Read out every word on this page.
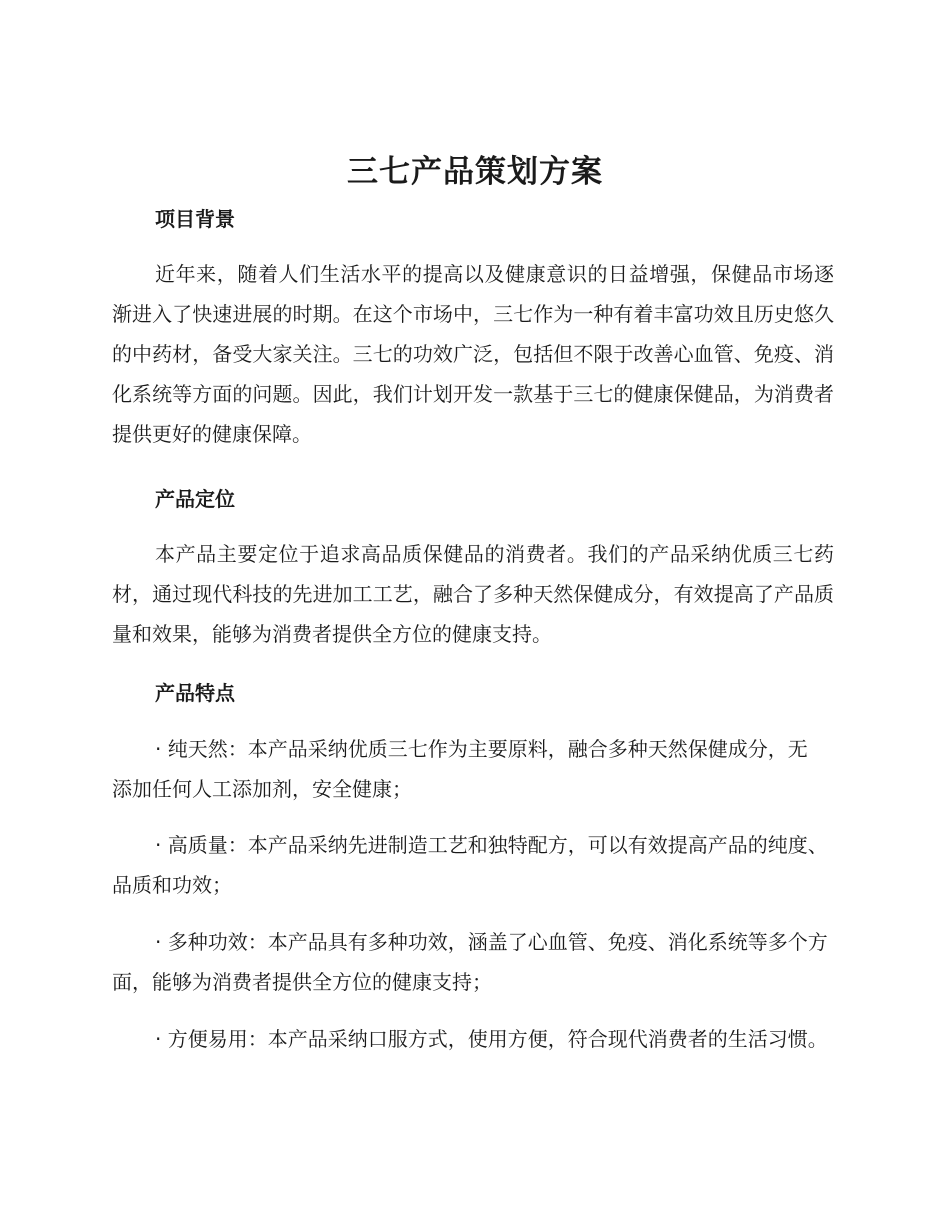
三七产品策划方案
项目背景

近年来，随着人们生活水平的提高以及健康意识的日益增强，保健品市场逐渐进入了快速进展的时期。在这个市场中，三七作为一种有着丰富功效且历史悠久的中药材，备受大家关注。三七的功效广泛，包括但不限于改善心血管、免疫、消化系统等方面的问题。因此，我们计划开发一款基于三七的健康保健品，为消费者提供更好的健康保障。

产品定位

本产品主要定位于追求高品质保健品的消费者。我们的产品采纳优质三七药材，通过现代科技的先进加工工艺，融合了多种天然保健成分，有效提高了产品质量和效果，能够为消费者提供全方位的健康支持。

产品特点

· 纯天然：本产品采纳优质三七作为主要原料，融合多种天然保健成分，无添加任何人工添加剂，安全健康；

· 高质量：本产品采纳先进制造工艺和独特配方，可以有效提高产品的纯度、品质和功效；

· 多种功效：本产品具有多种功效，涵盖了心血管、免疫、消化系统等多个方面，能够为消费者提供全方位的健康支持；

· 方便易用：本产品采纳口服方式，使用方便，符合现代消费者的生活习惯。
